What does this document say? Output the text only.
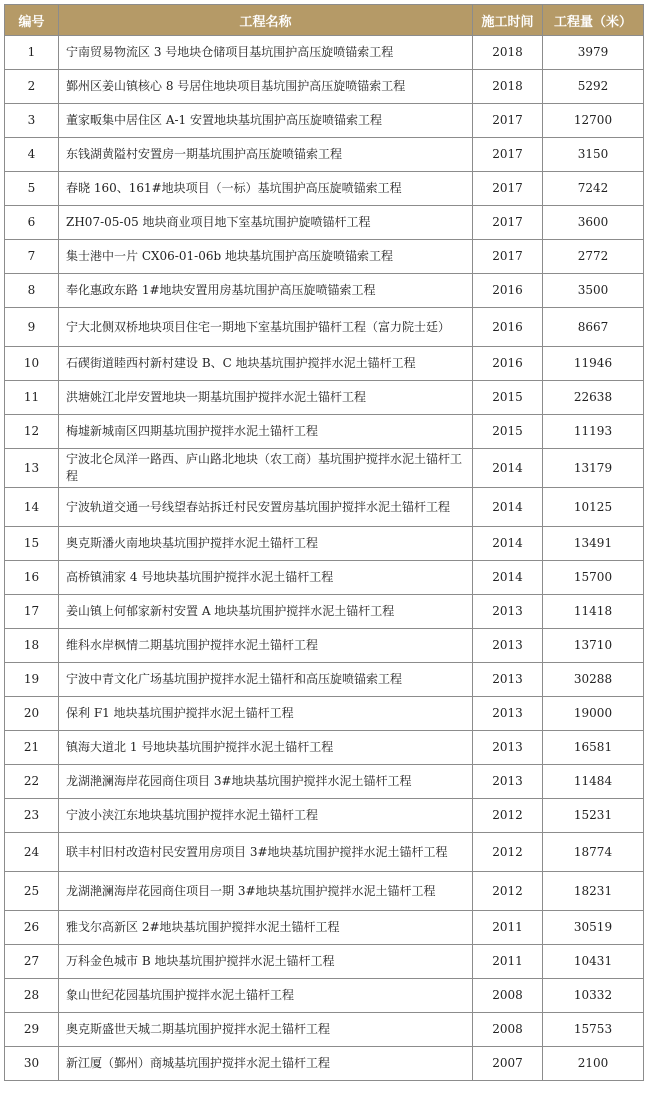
编号	工程名称	施工时间	工程量（米）
1	宁南贸易物流区 3 号地块仓储项目基坑围护高压旋喷锚索工程	2018	3979
2	鄞州区姜山镇核心 8 号居住地块项目基坑围护高压旋喷锚索工程	2018	5292
3	董家畈集中居住区 A-1 安置地块基坑围护高压旋喷锚索工程	2017	12700
4	东钱湖黄隘村安置房一期基坑围护高压旋喷锚索工程	2017	3150
5	春晓 160、161#地块项目（一标）基坑围护高压旋喷锚索工程	2017	7242
6	ZH07-05-05 地块商业项目地下室基坑围护旋喷锚杆工程	2017	3600
7	集士港中一片 CX06-01-06b 地块基坑围护高压旋喷锚索工程	2017	2772
8	奉化惠政东路 1#地块安置用房基坑围护高压旋喷锚索工程	2016	3500
9	宁大北侧双桥地块项目住宅一期地下室基坑围护锚杆工程（富力院士廷）	2016	8667
10	石碶街道睦西村新村建设 B、C 地块基坑围护搅拌水泥土锚杆工程	2016	11946
11	洪塘姚江北岸安置地块一期基坑围护搅拌水泥土锚杆工程	2015	22638
12	梅墟新城南区四期基坑围护搅拌水泥土锚杆工程	2015	11193
13	宁波北仑凤洋一路西、庐山路北地块（农工商）基坑围护搅拌水泥土锚杆工程	2014	13179
14	宁波轨道交通一号线望春站拆迁村民安置房基坑围护搅拌水泥土锚杆工程	2014	10125
15	奥克斯潘火南地块基坑围护搅拌水泥土锚杆工程	2014	13491
16	高桥镇浦家 4 号地块基坑围护搅拌水泥土锚杆工程	2014	15700
17	姜山镇上何郁家新村安置 A 地块基坑围护搅拌水泥土锚杆工程	2013	11418
18	维科水岸枫情二期基坑围护搅拌水泥土锚杆工程	2013	13710
19	宁波中青文化广场基坑围护搅拌水泥土锚杆和高压旋喷锚索工程	2013	30288
20	保利 F1 地块基坑围护搅拌水泥土锚杆工程	2013	19000
21	镇海大道北 1 号地块基坑围护搅拌水泥土锚杆工程	2013	16581
22	龙湖滟澜海岸花园商住项目 3#地块基坑围护搅拌水泥土锚杆工程	2013	11484
23	宁波小浃江东地块基坑围护搅拌水泥土锚杆工程	2012	15231
24	联丰村旧村改造村民安置用房项目 3#地块基坑围护搅拌水泥土锚杆工程	2012	18774
25	龙湖滟澜海岸花园商住项目一期 3#地块基坑围护搅拌水泥土锚杆工程	2012	18231
26	雅戈尔高新区 2#地块基坑围护搅拌水泥土锚杆工程	2011	30519
27	万科金色城市 B 地块基坑围护搅拌水泥土锚杆工程	2011	10431
28	象山世纪花园基坑围护搅拌水泥土锚杆工程	2008	10332
29	奥克斯盛世天城二期基坑围护搅拌水泥土锚杆工程	2008	15753
30	新江厦（鄞州）商城基坑围护搅拌水泥土锚杆工程	2007	2100
